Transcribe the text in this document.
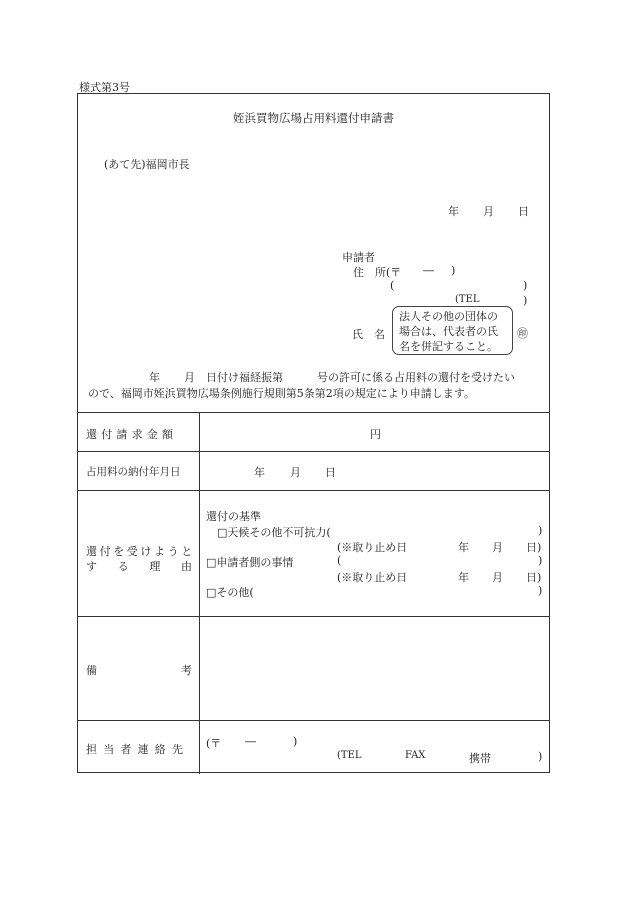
様式第3号
姪浜買物広場占用料還付申請書
(あて先)福岡市長
年 月 日
申請者
住　所(〒 ― )
(	)
(TEL	)
氏　名
法人その他の団体の
場合は、代表者の氏
名を併記すること。
㊞
年 月 日付け福経振第	号の許可に係る占用料の還付を受けたい
ので、福岡市姪浜買物広場条例施行規則第5条第2項の規定により申請します。
還付請求金額	円
占用料の納付年月日	年 月 日
還付を受けようと
す る 理 由
還付の基準
□天候その他不可抗力(	)
(※取り止め日	年 月 日)
□申請者側の事情	(	)
(※取り止め日	年 月 日)
□その他(	)
備	考
担当者連絡先 (〒 ―	)
(TEL	FAX	携帯	)
